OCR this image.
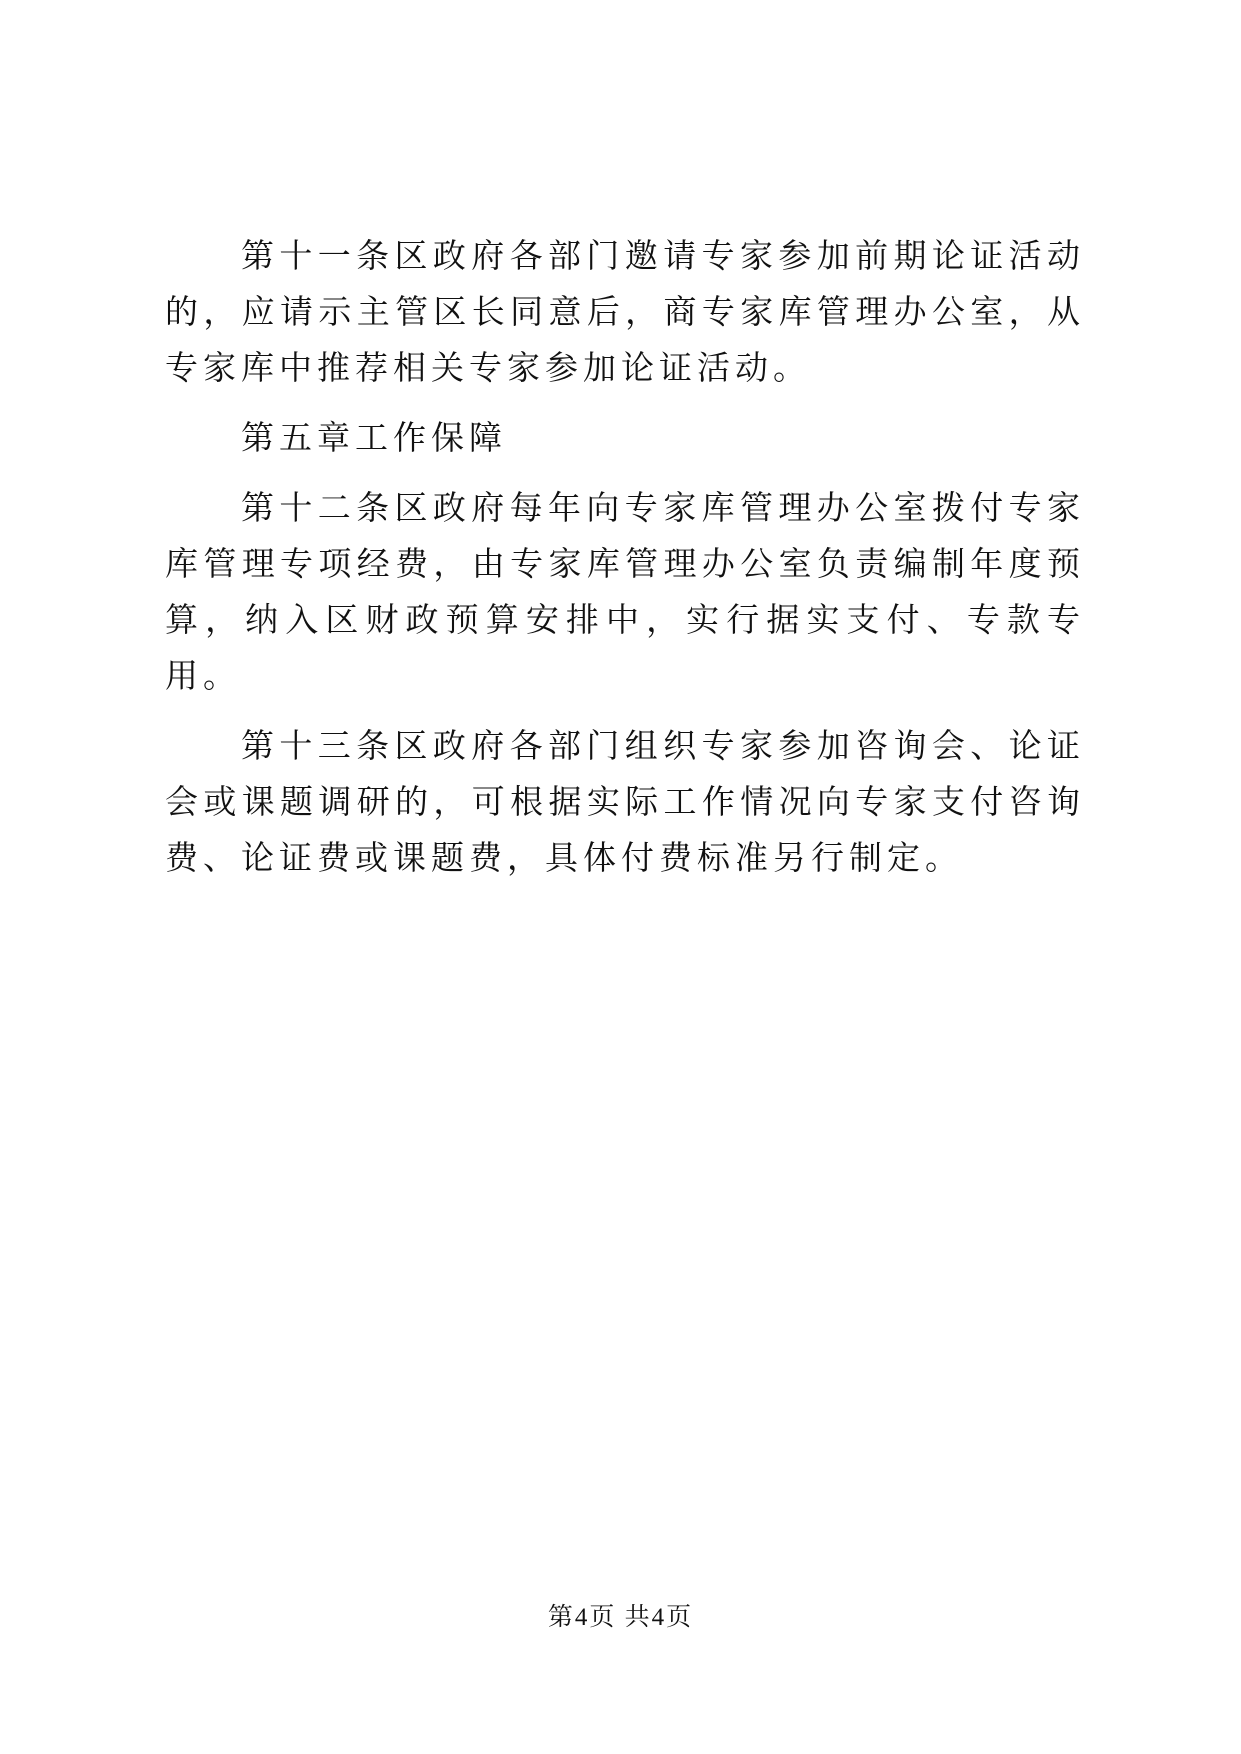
第十一条区政府各部门邀请专家参加前期论证活动的，应请示主管区长同意后，商专家库管理办公室，从专家库中推荐相关专家参加论证活动。

第五章工作保障

第十二条区政府每年向专家库管理办公室拨付专家库管理专项经费，由专家库管理办公室负责编制年度预算，纳入区财政预算安排中，实行据实支付、专款专用。

第十三条区政府各部门组织专家参加咨询会、论证会或课题调研的，可根据实际工作情况向专家支付咨询费、论证费或课题费，具体付费标准另行制定。

第4页 共4页
